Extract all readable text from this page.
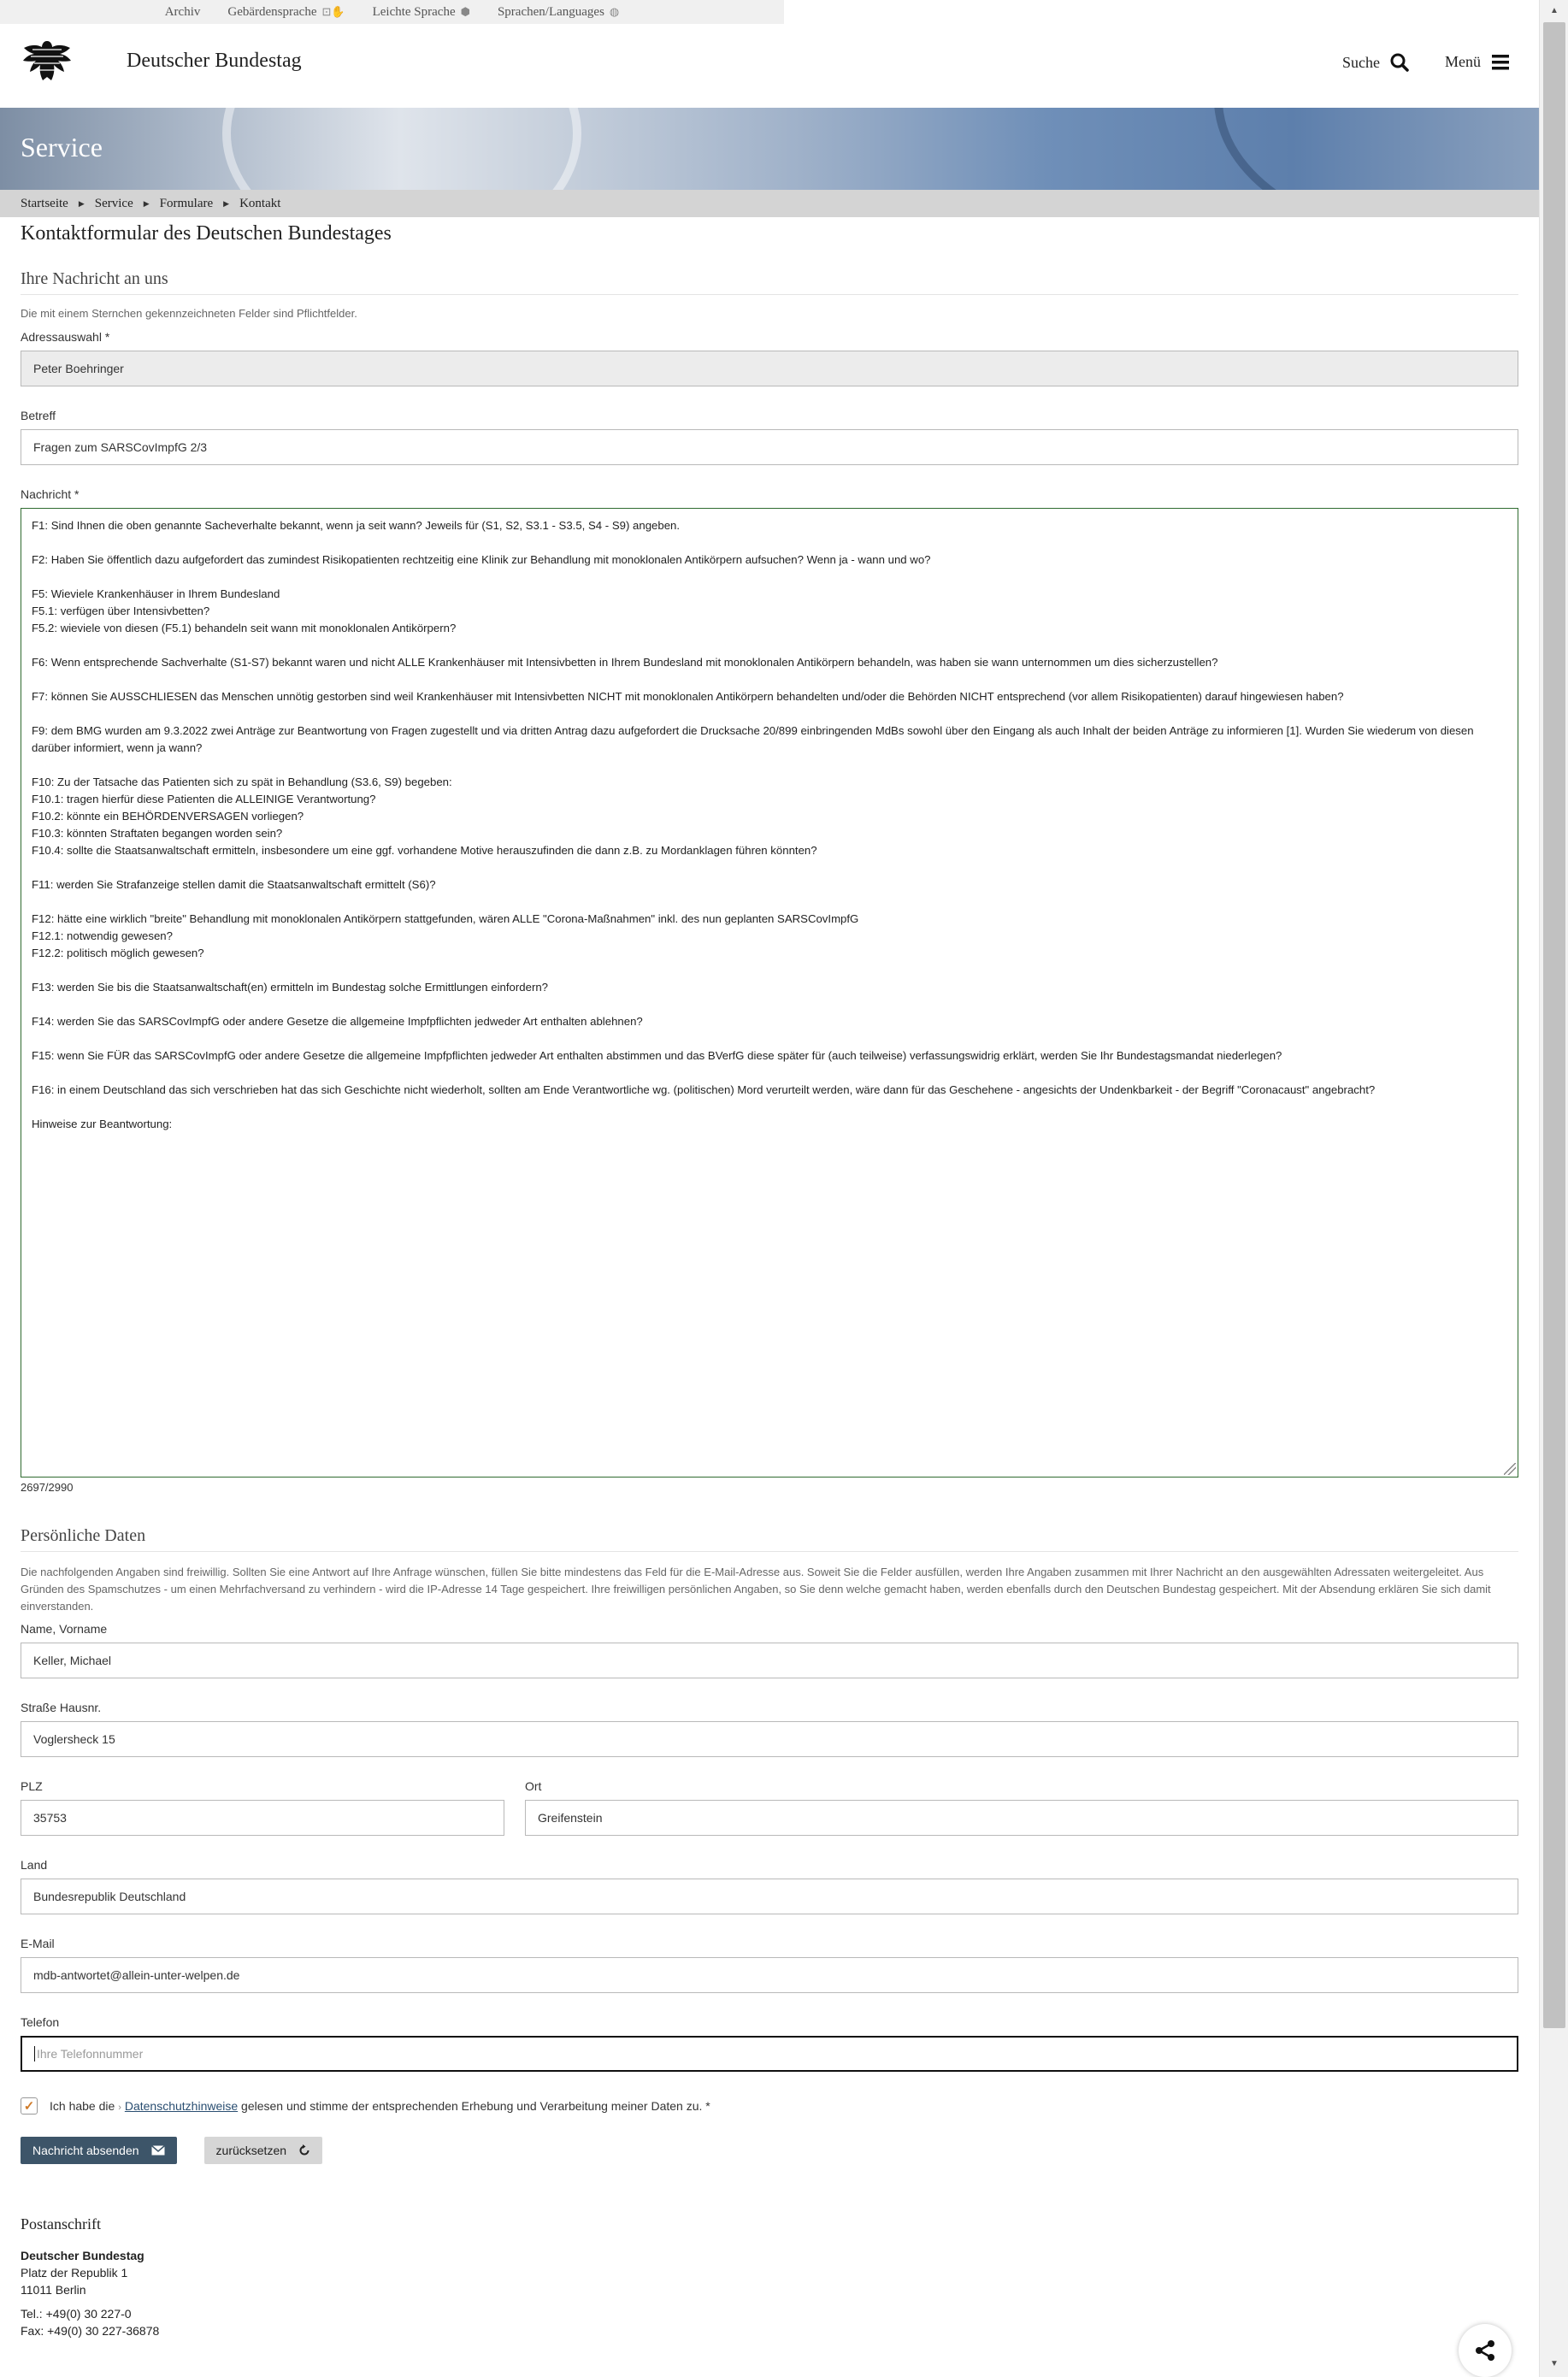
Archiv Gebärdensprache ⊡✋ Leichte Sprache ⬢ Sprachen/Languages ◍
Deutscher Bundestag	Suche	Menü
Service
Startseite ▶ Service ▶ Formulare ▶ Kontakt
Kontaktformular des Deutschen Bundestages
Ihre Nachricht an uns
Die mit einem Sternchen gekennzeichneten Felder sind Pflichtfelder.
Adressauswahl *
Peter Boehringer
Betreff
Fragen zum SARSCovImpfG 2/3
Nachricht *
F1: Sind Ihnen die oben genannte Sacheverhalte bekannt, wenn ja seit wann? Jeweils für (S1, S2, S3.1 - S3.5, S4 - S9) angeben.
F2: Haben Sie öffentlich dazu aufgefordert das zumindest Risikopatienten rechtzeitig eine Klinik zur Behandlung mit monoklonalen Antikörpern aufsuchen? Wenn ja - wann und wo?
F5: Wieviele Krankenhäuser in Ihrem Bundesland
F5.1: verfügen über Intensivbetten?
F5.2: wieviele von diesen (F5.1) behandeln seit wann mit monoklonalen Antikörpern?
F6: Wenn entsprechende Sachverhalte (S1-S7) bekannt waren und nicht ALLE Krankenhäuser mit Intensivbetten in Ihrem Bundesland mit monoklonalen Antikörpern behandeln, was haben sie wann unternommen um dies sicherzustellen?
F7: können Sie AUSSCHLIESEN das Menschen unnötig gestorben sind weil Krankenhäuser mit Intensivbetten NICHT mit monoklonalen Antikörpern behandelten und/oder die Behörden NICHT entsprechend (vor allem Risikopatienten) darauf hingewiesen haben?
F9: dem BMG wurden am 9.3.2022 zwei Anträge zur Beantwortung von Fragen zugestellt und via dritten Antrag dazu aufgefordert die Drucksache 20/899 einbringenden MdBs sowohl über den Eingang als auch Inhalt der beiden Anträge zu informieren [1]. Wurden Sie wiederum von diesen darüber informiert, wenn ja wann?
F10: Zu der Tatsache das Patienten sich zu spät in Behandlung (S3.6, S9) begeben:
F10.1: tragen hierfür diese Patienten die ALLEINIGE Verantwortung?
F10.2: könnte ein BEHÖRDENVERSAGEN vorliegen?
F10.3: könnten Straftaten begangen worden sein?
F10.4: sollte die Staatsanwaltschaft ermitteln, insbesondere um eine ggf. vorhandene Motive herauszufinden die dann z.B. zu Mordanklagen führen könnten?
F11: werden Sie Strafanzeige stellen damit die Staatsanwaltschaft ermittelt (S6)?
F12: hätte eine wirklich "breite" Behandlung mit monoklonalen Antikörpern stattgefunden, wären ALLE "Corona-Maßnahmen" inkl. des nun geplanten SARSCovImpfG
F12.1: notwendig gewesen?
F12.2: politisch möglich gewesen?
F13: werden Sie bis die Staatsanwaltschaft(en) ermitteln im Bundestag solche Ermittlungen einfordern?
F14: werden Sie das SARSCovImpfG oder andere Gesetze die allgemeine Impfpflichten jedweder Art enthalten ablehnen?
F15: wenn Sie FÜR das SARSCovImpfG oder andere Gesetze die allgemeine Impfpflichten jedweder Art enthalten abstimmen und das BVerfG diese später für (auch teilweise) verfassungswidrig erklärt, werden Sie Ihr Bundestagsmandat niederlegen?
F16: in einem Deutschland das sich verschrieben hat das sich Geschichte nicht wiederholt, sollten am Ende Verantwortliche wg. (politischen) Mord verurteilt werden, wäre dann für das Geschehene - angesichts der Undenkbarkeit - der Begriff "Coronacaust" angebracht?
Hinweise zur Beantwortung:
2697/2990
Persönliche Daten
Die nachfolgenden Angaben sind freiwillig. Sollten Sie eine Antwort auf Ihre Anfrage wünschen, füllen Sie bitte mindestens das Feld für die E-Mail-Adresse aus. Soweit Sie die Felder ausfüllen, werden Ihre Angaben zusammen mit Ihrer Nachricht an den ausgewählten Adressaten weitergeleitet. Aus Gründen des Spamschutzes - um einen Mehrfachversand zu verhindern - wird die IP-Adresse 14 Tage gespeichert. Ihre freiwilligen persönlichen Angaben, so Sie denn welche gemacht haben, werden ebenfalls durch den Deutschen Bundestag gespeichert. Mit der Absendung erklären Sie sich damit einverstanden.
Name, Vorname
Keller, Michael
Straße Hausnr.
Voglersheck 15
PLZ
35753
Ort
Greifenstein
Land
Bundesrepublik Deutschland
E-Mail
mdb-antwortet@allein-unter-welpen.de
Telefon
Ihre Telefonnummer
✓ Ich habe die › Datenschutzhinweise gelesen und stimme der entsprechenden Erhebung und Verarbeitung meiner Daten zu. *
Nachricht absenden	zurücksetzen
Postanschrift
Deutscher Bundestag
Platz der Republik 1
11011 Berlin
Tel.: +49(0) 30 227-0
Fax: +49(0) 30 227-36878
▲
▼
